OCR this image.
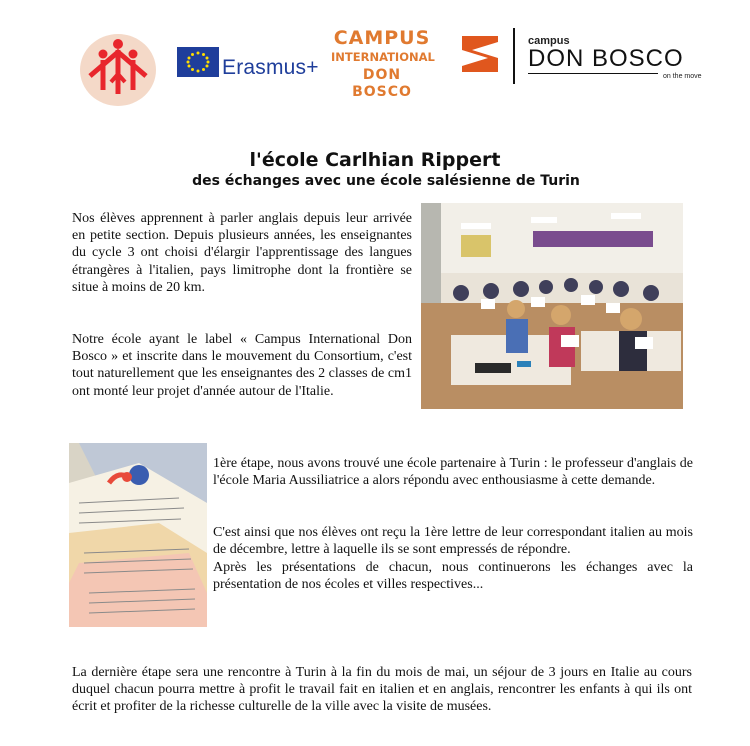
Erasmus+
CAMPUS
INTERNATIONAL
DON BOSCO
campus
DON BOSCO
on the move
l'école Carlhian Rippert
des échanges avec une école salésienne de Turin

Nos élèves apprennent à parler anglais depuis leur arrivée en petite section. Depuis plusieurs années, les enseignantes du cycle 3 ont choisi d'élargir l'apprentissage des langues étrangères à l'italien, pays limitrophe dont la frontière se situe à moins de 20 km.

Notre école ayant le label « Campus International Don Bosco » et inscrite dans le mouvement du Consortium, c'est tout naturellement que les enseignantes des 2 classes de cm1 ont monté leur projet d'année autour de l'Italie.

1ère étape, nous avons trouvé une école partenaire à Turin : le professeur d'anglais de l'école Maria Aussiliatrice a alors répondu avec enthousiasme à cette demande.

C'est ainsi que nos élèves ont reçu la 1ère lettre de leur correspondant italien au mois de décembre, lettre à laquelle ils se sont empressés de répondre.

Après les présentations de chacun, nous continuerons les échanges avec la présentation de nos écoles et villes respectives...

La dernière étape sera une rencontre à Turin à la fin du mois de mai, un séjour de 3 jours en Italie au cours duquel chacun pourra mettre à profit le travail fait en italien et en anglais, rencontrer les enfants à qui ils ont écrit et profiter de la richesse culturelle de la ville avec la visite de musées.
